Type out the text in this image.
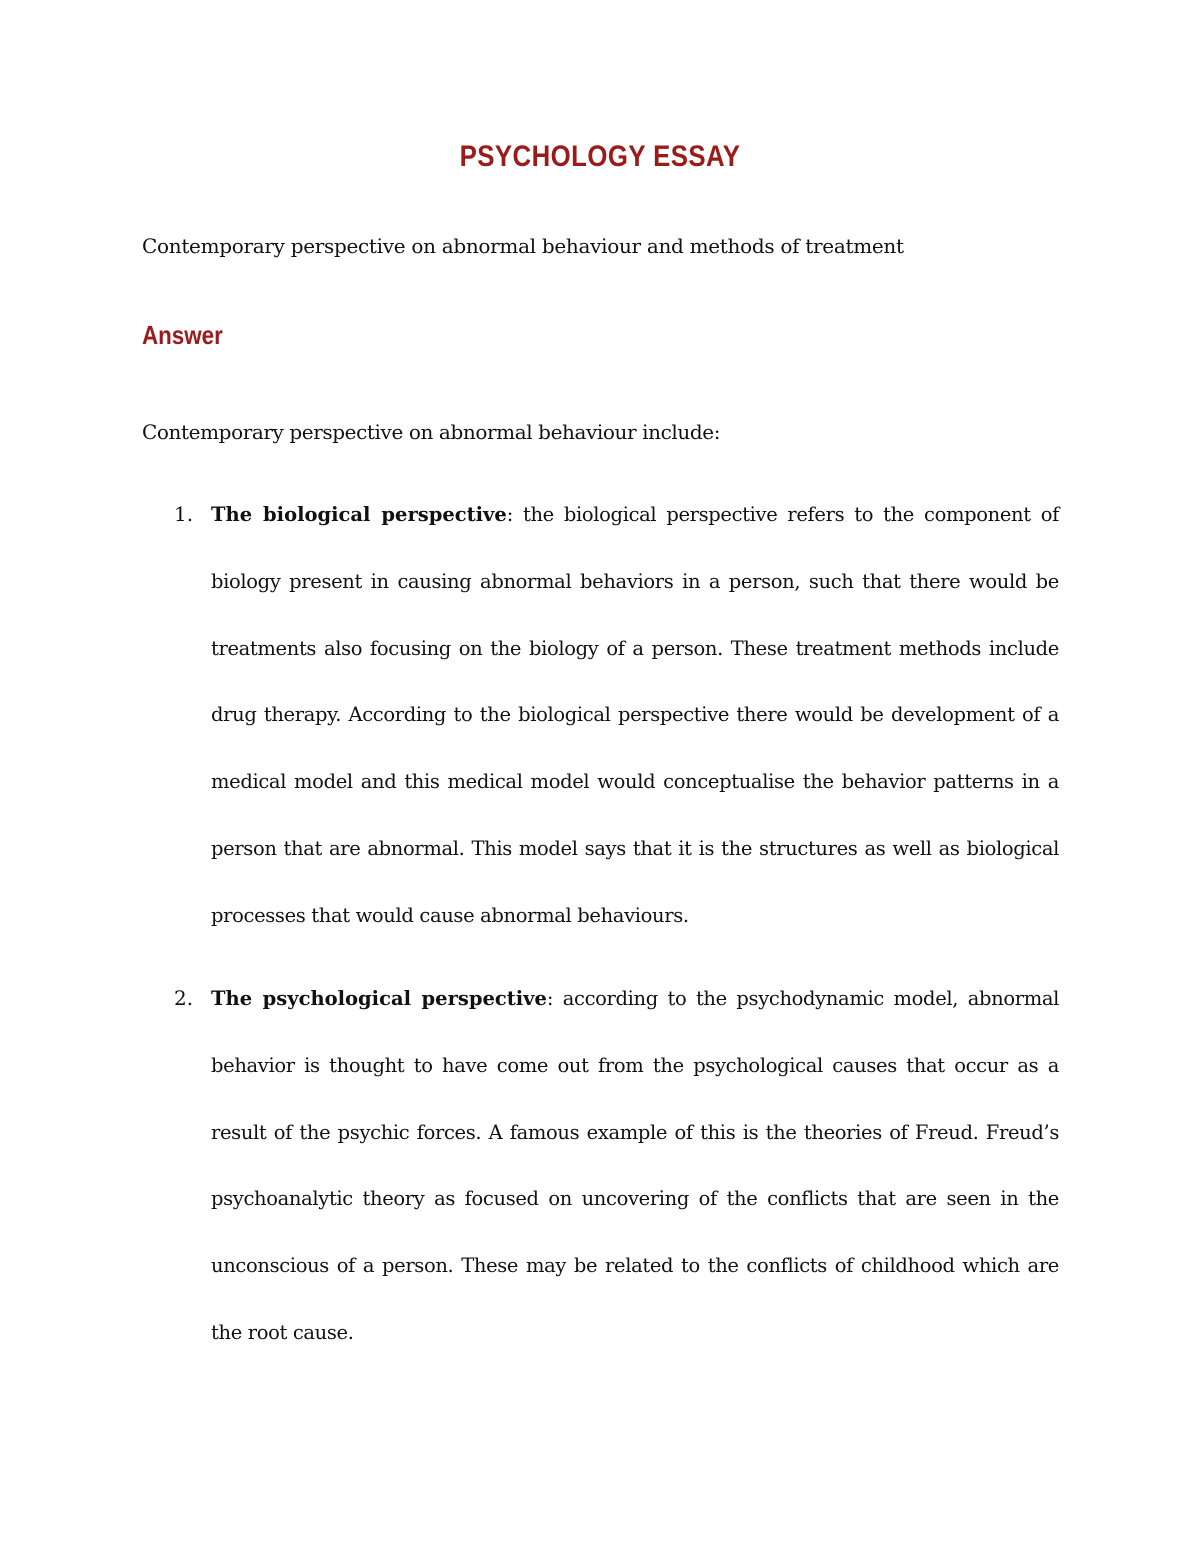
PSYCHOLOGY ESSAY

Contemporary perspective on abnormal behaviour and methods of treatment

Answer

Contemporary perspective on abnormal behaviour include:

1. The biological perspective: the biological perspective refers to the component of biology present in causing abnormal behaviors in a person, such that there would be treatments also focusing on the biology of a person. These treatment methods include drug therapy. According to the biological perspective there would be development of a medical model and this medical model would conceptualise the behavior patterns in a person that are abnormal. This model says that it is the structures as well as biological processes that would cause abnormal behaviours.

2. The psychological perspective: according to the psychodynamic model, abnormal behavior is thought to have come out from the psychological causes that occur as a result of the psychic forces. A famous example of this is the theories of Freud. Freud’s psychoanalytic theory as focused on uncovering of the conflicts that are seen in the unconscious of a person. These may be related to the conflicts of childhood which are the root cause.
